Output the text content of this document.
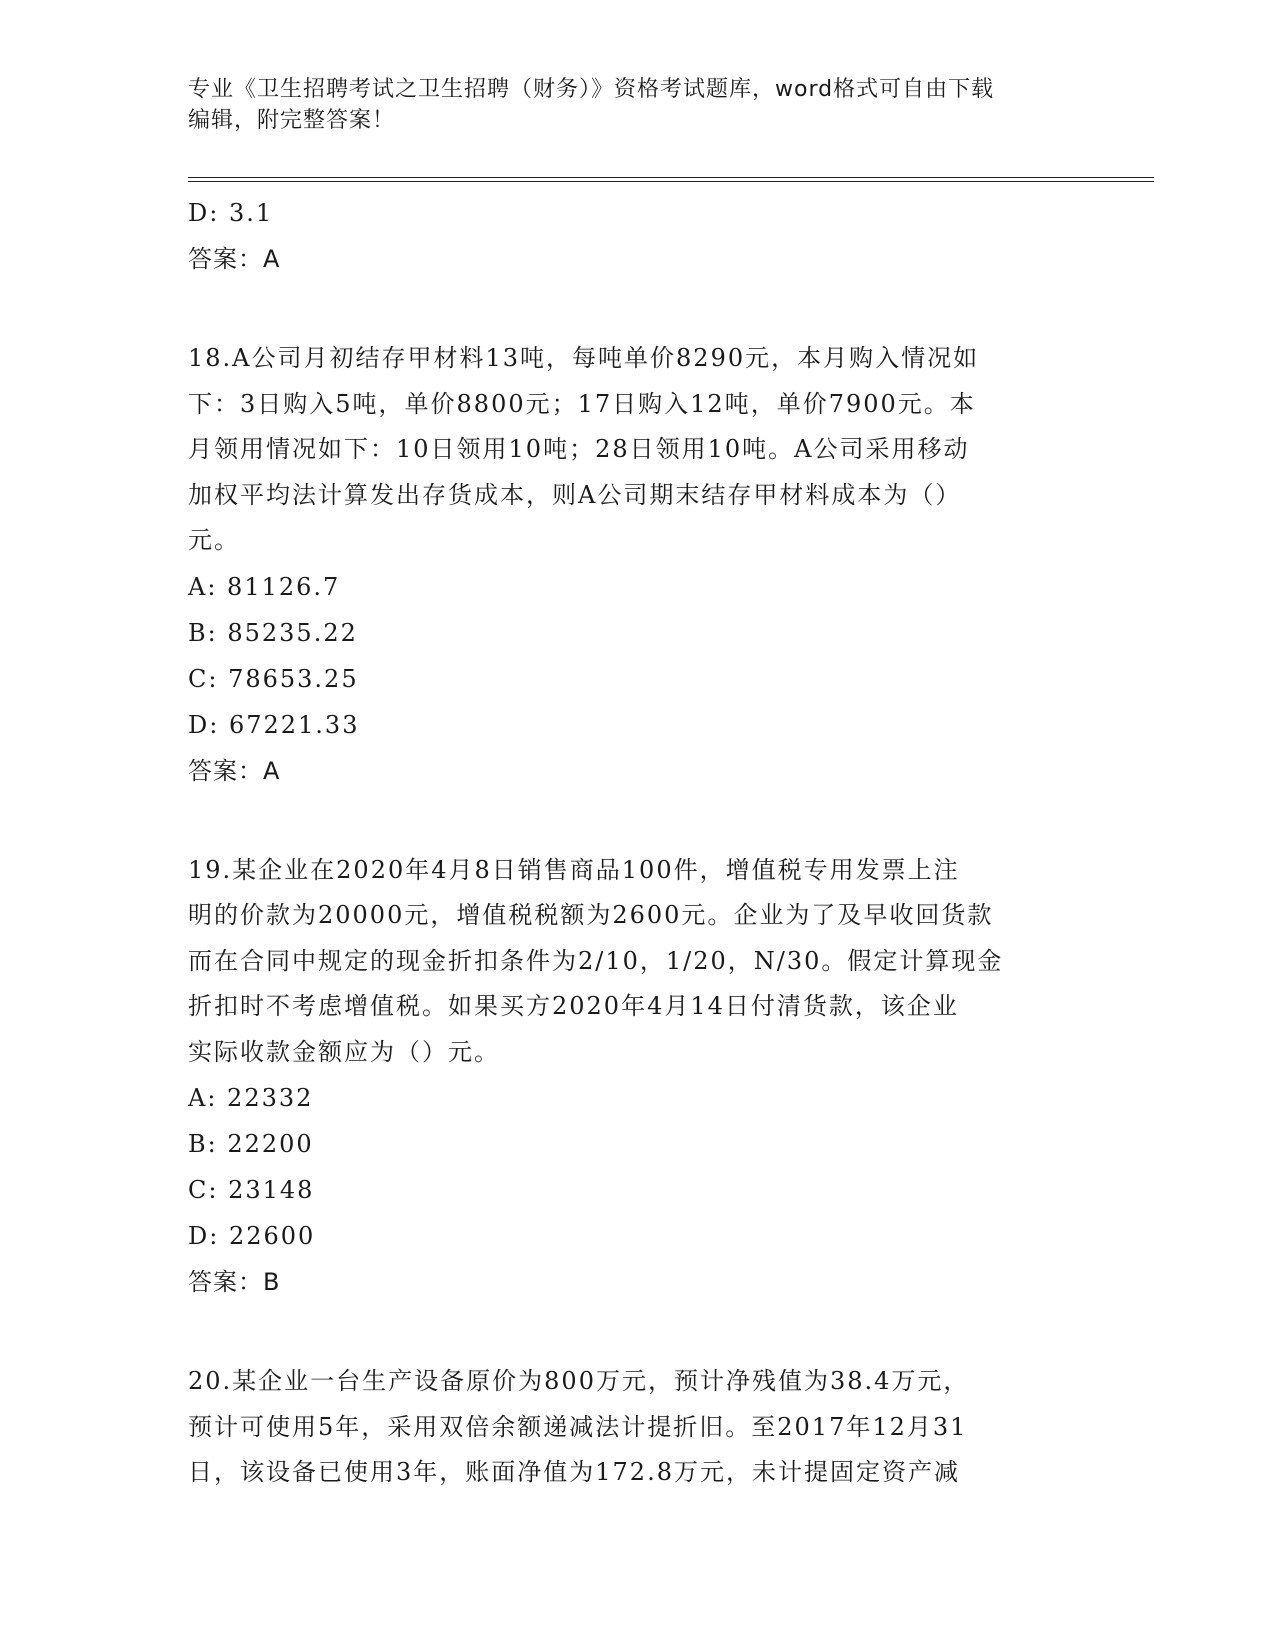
专业《卫生招聘考试之卫生招聘（财务）》资格考试题库，word格式可自由下载
编辑，附完整答案！
D: 3.1
答案：A
18.A公司月初结存甲材料13吨，每吨单价8290元，本月购入情况如
下：3日购入5吨，单价8800元；17日购入12吨，单价7900元。本
月领用情况如下：10日领用10吨；28日领用10吨。A公司采用移动
加权平均法计算发出存货成本，则A公司期末结存甲材料成本为（）
元。
A: 81126.7
B: 85235.22
C: 78653.25
D: 67221.33
答案：A
19.某企业在2020年4月8日销售商品100件，增值税专用发票上注
明的价款为20000元，增值税税额为2600元。企业为了及早收回货款
而在合同中规定的现金折扣条件为2/10，1/20，N/30。假定计算现金
折扣时不考虑增值税。如果买方2020年4月14日付清货款，该企业
实际收款金额应为（）元。
A: 22332
B: 22200
C: 23148
D: 22600
答案：B
20.某企业一台生产设备原价为800万元，预计净残值为38.4万元，
预计可使用5年，采用双倍余额递减法计提折旧。至2017年12月31
日，该设备已使用3年，账面净值为172.8万元，未计提固定资产减
